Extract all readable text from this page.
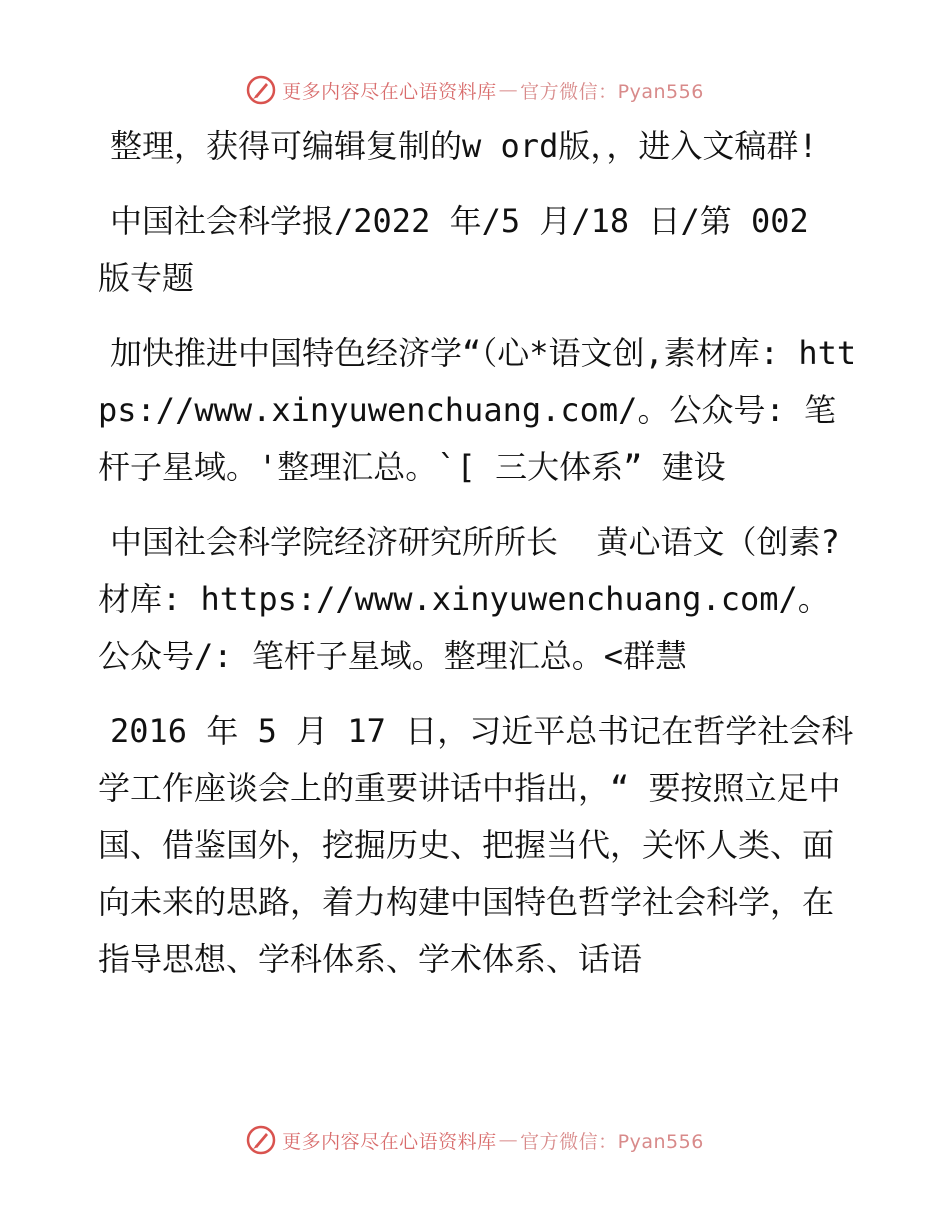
更多内容尽在心语资料库 — 官方微信：Pyan556

整理，获得可编辑复制的w ord版，，进入文稿群!

中国社会科学报/2022 年/5 月/18 日/第 002 版专题

加快推进中国特色经济学“（心*语文创,素材库: https://www.xinyuwenchuang.com/。公众号: 笔杆子星域。'整理汇总。`[ 三大体系” 建设

中国社会科学院经济研究所所长  黄心语文（创素?材库: https://www.xinyuwenchuang.com/。公众号/: 笔杆子星域。整理汇总。<群慧

2016 年 5 月 17 日，习近平总书记在哲学社会科学工作座谈会上的重要讲话中指出，“ 要按照立足中国、借鉴国外，挖掘历史、把握当代，关怀人类、面向未来的思路，着力构建中国特色哲学社会科学，在指导思想、学科体系、学术体系、话语

更多内容尽在心语资料库 — 官方微信：Pyan556
